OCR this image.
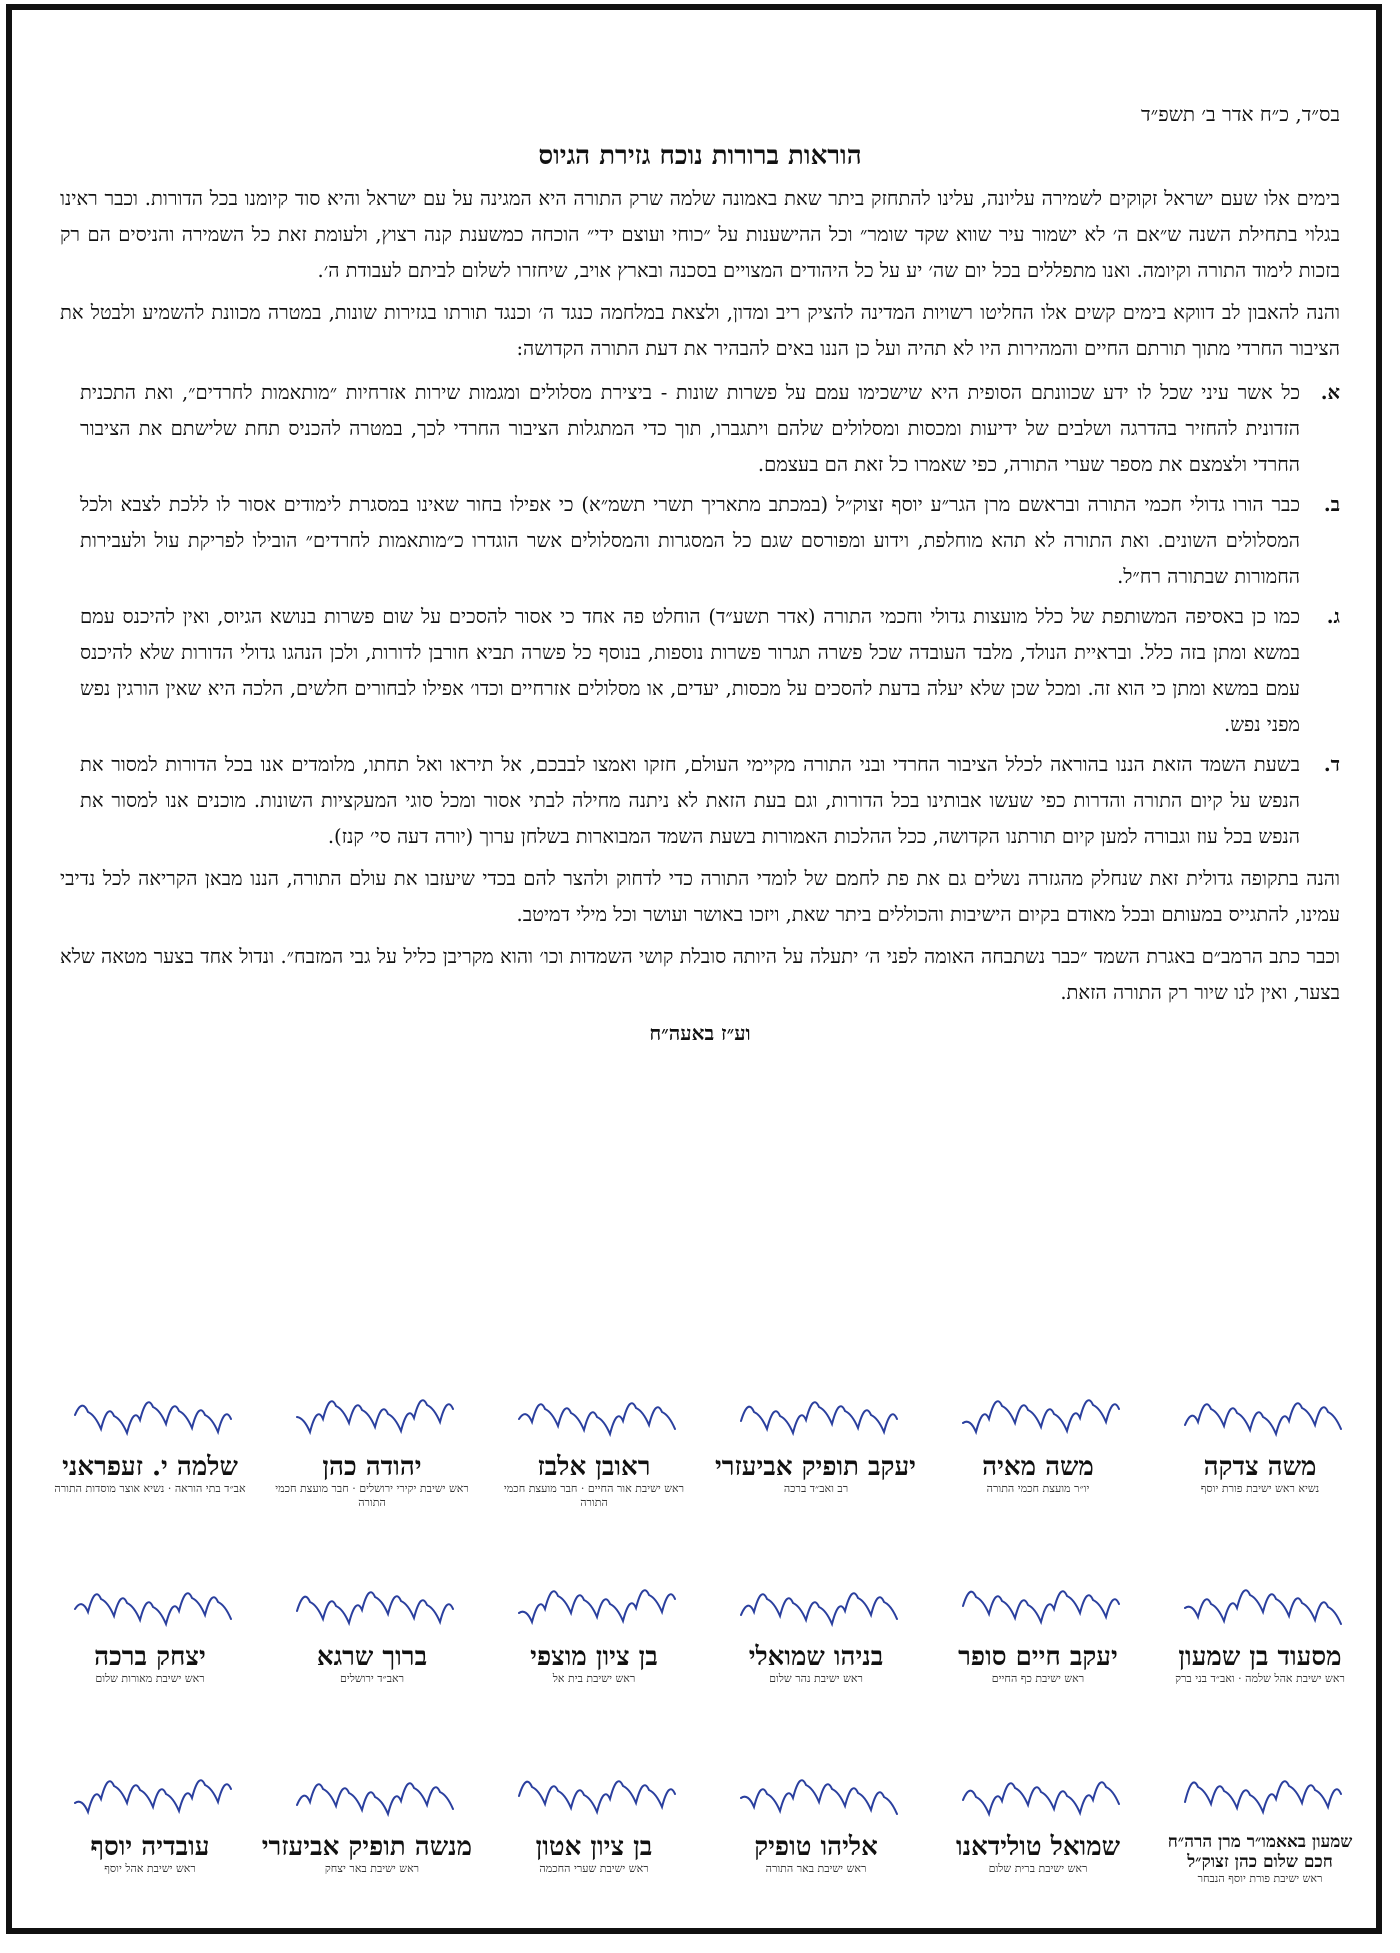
בס״ד, כ״ח אדר ב׳ תשפ״ד
הוראות ברורות נוכח גזירת הגיוס

בימים אלו שעם ישראל זקוקים לשמירה עליונה, עלינו להתחזק ביתר שאת באמונה שלמה שרק התורה היא המגינה על עם ישראל והיא סוד קיומנו בכל הדורות. וכבר ראינו בגלוי בתחילת השנה ש״אם ה׳ לא ישמור עיר שווא שקד שומר״ וכל ההישענות על ״כוחי ועוצם ידי״ הוכחה כמשענת קנה רצוץ, ולעומת זאת כל השמירה והניסים הם רק בזכות לימוד התורה וקיומה. ואנו מתפללים בכל יום שה׳ יע על כל היהודים המצויים בסכנה ובארץ אויב, שיחזרו לשלום לביתם לעבודת ה׳.

והנה להאבון לב דווקא בימים קשים אלו החליטו רשויות המדינה להציק ריב ומדון, ולצאת במלחמה כנגד ה׳ וכנגד תורתו בגזירות שונות, במטרה מכוונת להשמיע ולבטל את הציבור החרדי מתוך תורתם החיים והמהירות היו לא תהיה ועל כן הננו באים להבהיר את דעת התורה הקדושה:

א.
כל אשר עיני שכל לו ידע שכוונתם הסופית היא שישכימו עמם על פשרות שונות - ביצירת מסלולים ומגמות שירות אזרחיות ״מותאמות לחרדים״, ואת התכנית הזדונית להחזיר בהדרגה ושלבים של ידיעות ומכסות ומסלולים שלהם ויתגברו, תוך כדי המתגלות הציבור החרדי לכך, במטרה להכניס תחת שלישתם את הציבור החרדי ולצמצם את מספר שערי התורה, כפי שאמרו כל זאת הם בעצמם.
ב.
כבר הורו גדולי חכמי התורה ובראשם מרן הגר״ע יוסף זצוק״ל (במכתב מתאריך תשרי תשמ״א) כי אפילו בחור שאינו במסגרת לימודים אסור לו ללכת לצבא ולכל המסלולים השונים. ואת התורה לא תהא מוחלפת, וידוע ומפורסם שגם כל המסגרות והמסלולים אשר הוגדרו כ״מותאמות לחרדים״ הובילו לפריקת עול ולעבירות החמורות שבתורה רח״ל.
ג.
כמו כן באסיפה המשותפת של כלל מועצות גדולי וחכמי התורה (אדר תשע״ד) הוחלט פה אחד כי אסור להסכים על שום פשרות בנושא הגיוס, ואין להיכנס עמם במשא ומתן בזה כלל. ובראיית הנולד, מלבד העובדה שכל פשרה תגרור פשרות נוספות, בנוסף כל פשרה תביא חורבן לדורות, ולכן הנהגו גדולי הדורות שלא להיכנס עמם במשא ומתן כי הוא זה. ומכל שכן שלא יעלה בדעת להסכים על מכסות, יעדים, או מסלולים אזרחיים וכדו׳ אפילו לבחורים חלשים, הלכה היא שאין הורגין נפש מפני נפש.
ד.
בשעת השמד הזאת הננו בהוראה לכלל הציבור החרדי ובני התורה מקיימי העולם, חזקו ואמצו לבבכם, אל תיראו ואל תחתו, מלומדים אנו בכל הדורות למסור את הנפש על קיום התורה והדרות כפי שעשו אבותינו בכל הדורות, וגם בעת הזאת לא ניתנה מחילה לבתי אסור ומכל סוגי המעקציות השונות. מוכנים אנו למסור את הנפש בכל עוז וגבורה למען קיום תורתנו הקדושה, ככל ההלכות האמורות בשעת השמד המבוארות בשלחן ערוך (יורה דעה סי׳ קנז).

והנה בתקופה גדולית זאת שנחלק מהגזרה נשלים גם את פת לחמם של לומדי התורה כדי לדחוק ולהצר להם בכדי שיעזבו את עולם התורה, הננו מבאן הקריאה לכל נדיבי עמינו, להתגייס במעותם ובכל מאודם בקיום הישיבות והכוללים ביתר שאת, ויזכו באושר ועושר וכל מילי דמיטב.

וכבר כתב הרמב״ם באגרת השמד ״כבר נשתבחה האומה לפני ה׳ יתעלה על היותה סובלת קושי השמדות וכו׳ והוא מקריבן כליל על גבי המזבח״. ונדול אחד בצער מטאה שלא בצער, ואין לנו שיור רק התורה הזאת.

וע״ז באעה״ח
משה צדקה
נשיא ראש ישיבת פורת יוסף
משה מאיה
יו״ר מועצת חכמי התורה
יעקב תופיק אביעזרי
רב ואב״ד ברכה
ראובן אלבז
ראש ישיבת אור החיים · חבר מועצת חכמי התורה
יהודה כהן
ראש ישיבת יקירי ירושלים · חבר מועצת חכמי התורה
שלמה י. זעפראני
אב״ד בתי הוראה · נשיא אוצר מוסדות התורה
מסעוד בן שמעון
ראש ישיבת אהל שלמה · ואב״ד בני ברק
יעקב חיים סופר
ראש ישיבת כף החיים
בניהו שמואלי
ראש ישיבת נהר שלום
בן ציון מוצפי
ראש ישיבת בית אל
ברוך שרגא
ראב״ד ירושלים
יצחק ברכה
ראש ישיבת מאורות שלום
שמעון באאמו״ר מרן הרה״ח חכם שלום כהן זצוק״ל
ראש ישיבת פורת יוסף הנבחר
שמואל טולידאנו
ראש ישיבת ברית שלום
אליהו טופיק
ראש ישיבת באר התורה
בן ציון אטון
ראש ישיבת שערי החכמה
מנשה תופיק אביעזרי
ראש ישיבת באר יצחק
עובדיה יוסף
ראש ישיבת אהל יוסף
